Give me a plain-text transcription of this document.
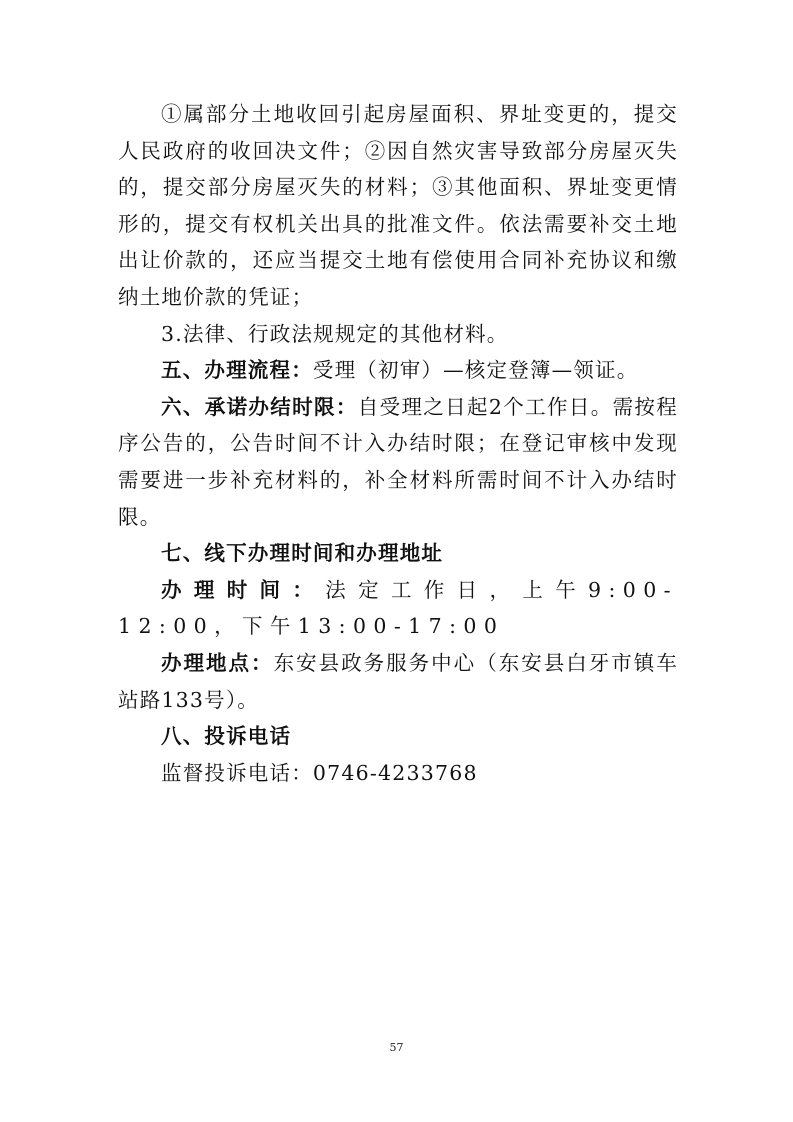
①属部分土地收回引起房屋面积、界址变更的，提交人民政府的收回决文件；②因自然灾害导致部分房屋灭失的，提交部分房屋灭失的材料；③其他面积、界址变更情形的，提交有权机关出具的批准文件。依法需要补交土地出让价款的，还应当提交土地有偿使用合同补充协议和缴纳土地价款的凭证；

3.法律、行政法规规定的其他材料。

五、办理流程：受理（初审）—核定登簿—领证。

六、承诺办结时限：自受理之日起2个工作日。需按程序公告的，公告时间不计入办结时限；在登记审核中发现需要进一步补充材料的，补全材料所需时间不计入办结时限。

七、线下办理时间和办理地址

办理时间：法定工作日，上午9:00-12:00，下午13:00-17:00

办理地点：东安县政务服务中心（东安县白牙市镇车站路133号）。

八、投诉电话

监督投诉电话：0746-4233768

57
